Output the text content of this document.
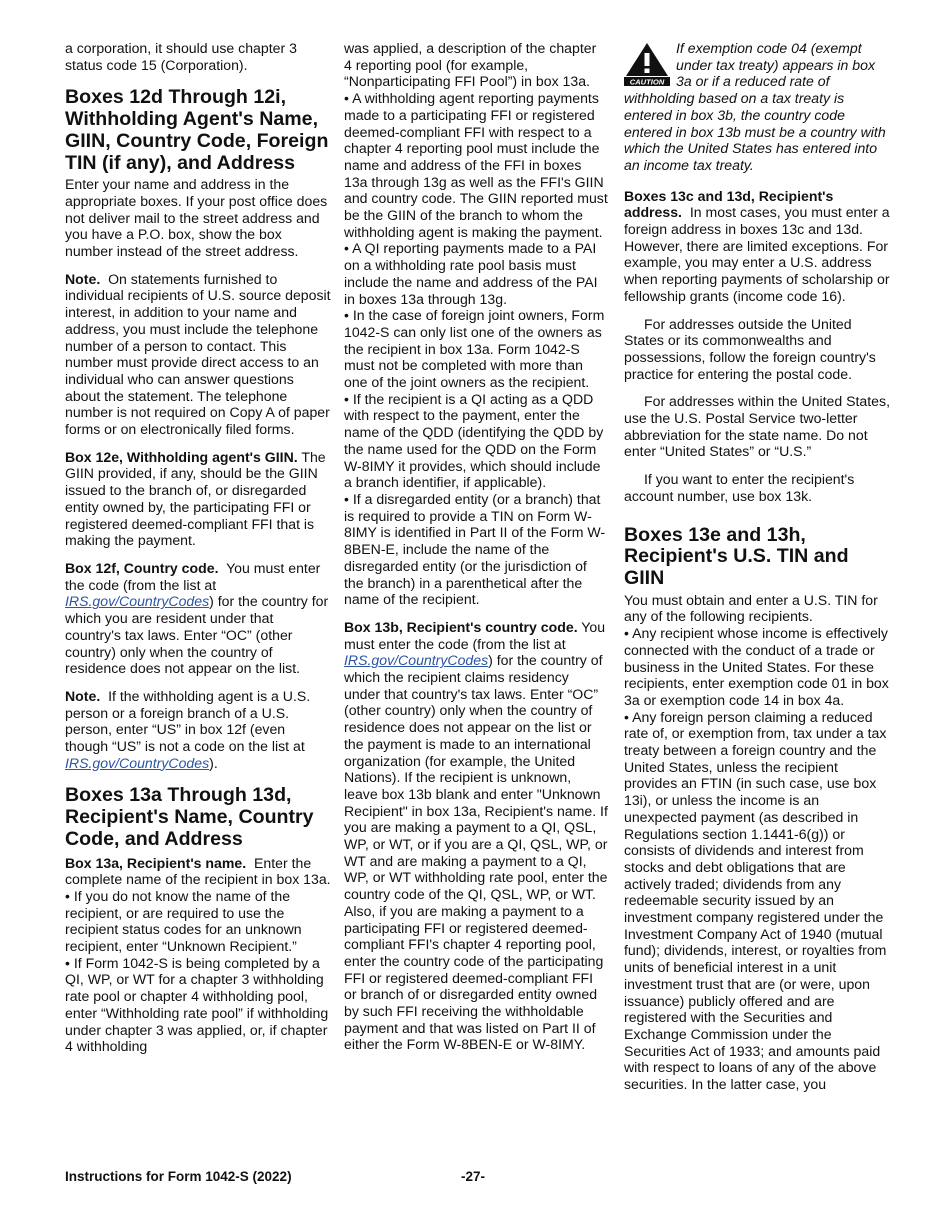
a corporation, it should use chapter 3 status code 15 (Corporation).

Boxes 12d Through 12i, Withholding Agent's Name, GIIN, Country Code, Foreign TIN (if any), and Address

Enter your name and address in the appropriate boxes. If your post office does not deliver mail to the street address and you have a P.O. box, show the box number instead of the street address.

Note. On statements furnished to individual recipients of U.S. source deposit interest, in addition to your name and address, you must include the telephone number of a person to contact. This number must provide direct access to an individual who can answer questions about the statement. The telephone number is not required on Copy A of paper forms or on electronically filed forms.

Box 12e, Withholding agent's GIIN. The GIIN provided, if any, should be the GIIN issued to the branch of, or disregarded entity owned by, the participating FFI or registered deemed-compliant FFI that is making the payment.

Box 12f, Country code. You must enter the code (from the list at IRS.gov/CountryCodes) for the country for which you are resident under that country's tax laws. Enter “OC” (other country) only when the country of residence does not appear on the list.

Note. If the withholding agent is a U.S. person or a foreign branch of a U.S. person, enter “US” in box 12f (even though “US” is not a code on the list at IRS.gov/CountryCodes).

Boxes 13a Through 13d, Recipient's Name, Country Code, and Address

Box 13a, Recipient's name. Enter the complete name of the recipient in box 13a.

• If you do not know the name of the recipient, or are required to use the recipient status codes for an unknown recipient, enter “Unknown Recipient.”

• If Form 1042-S is being completed by a QI, WP, or WT for a chapter 3 withholding rate pool or chapter 4 withholding pool, enter “Withholding rate pool” if withholding under chapter 3 was applied, or, if chapter 4 withholding

was applied, a description of the chapter 4 reporting pool (for example, “Nonparticipating FFI Pool”) in box 13a.

• A withholding agent reporting payments made to a participating FFI or registered deemed-compliant FFI with respect to a chapter 4 reporting pool must include the name and address of the FFI in boxes 13a through 13g as well as the FFI's GIIN and country code. The GIIN reported must be the GIIN of the branch to whom the withholding agent is making the payment.

• A QI reporting payments made to a PAI on a withholding rate pool basis must include the name and address of the PAI in boxes 13a through 13g.

• In the case of foreign joint owners, Form 1042-S can only list one of the owners as the recipient in box 13a. Form 1042-S must not be completed with more than one of the joint owners as the recipient.

• If the recipient is a QI acting as a QDD with respect to the payment, enter the name of the QDD (identifying the QDD by the name used for the QDD on the Form W-8IMY it provides, which should include a branch identifier, if applicable).

• If a disregarded entity (or a branch) that is required to provide a TIN on Form W-8IMY is identified in Part II of the Form W-8BEN-E, include the name of the disregarded entity (or the jurisdiction of the branch) in a parenthetical after the name of the recipient.

Box 13b, Recipient's country code. You must enter the code (from the list at IRS.gov/CountryCodes) for the country of which the recipient claims residency under that country's tax laws. Enter “OC” (other country) only when the country of residence does not appear on the list or the payment is made to an international organization (for example, the United Nations). If the recipient is unknown, leave box 13b blank and enter "Unknown Recipient" in box 13a, Recipient's name. If you are making a payment to a QI, QSL, WP, or WT, or if you are a QI, QSL, WP, or WT and are making a payment to a QI, WP, or WT withholding rate pool, enter the country code of the QI, QSL, WP, or WT. Also, if you are making a payment to a participating FFI or registered deemed-compliant FFI's chapter 4 reporting pool, enter the country code of the participating FFI or registered deemed-compliant FFI or branch of or disregarded entity owned by such FFI receiving the withholdable payment and that was listed on Part II of either the Form W-8BEN-E or W-8IMY.

CAUTION
If exemption code 04 (exempt under tax treaty) appears in box 3a or if a reduced rate of withholding based on a tax treaty is entered in box 3b, the country code entered in box 13b must be a country with which the United States has entered into an income tax treaty.

Boxes 13c and 13d, Recipient's address. In most cases, you must enter a foreign address in boxes 13c and 13d. However, there are limited exceptions. For example, you may enter a U.S. address when reporting payments of scholarship or fellowship grants (income code 16).

For addresses outside the United States or its commonwealths and possessions, follow the foreign country's practice for entering the postal code.

For addresses within the United States, use the U.S. Postal Service two-letter abbreviation for the state name. Do not enter “United States” or “U.S.”

If you want to enter the recipient's account number, use box 13k.

Boxes 13e and 13h, Recipient's U.S. TIN and GIIN

You must obtain and enter a U.S. TIN for any of the following recipients.

• Any recipient whose income is effectively connected with the conduct of a trade or business in the United States. For these recipients, enter exemption code 01 in box 3a or exemption code 14 in box 4a.

• Any foreign person claiming a reduced rate of, or exemption from, tax under a tax treaty between a foreign country and the United States, unless the recipient provides an FTIN (in such case, use box 13i), or unless the income is an unexpected payment (as described in Regulations section 1.1441-6(g)) or consists of dividends and interest from stocks and debt obligations that are actively traded; dividends from any redeemable security issued by an investment company registered under the Investment Company Act of 1940 (mutual fund); dividends, interest, or royalties from units of beneficial interest in a unit investment trust that are (or were, upon issuance) publicly offered and are registered with the Securities and Exchange Commission under the Securities Act of 1933; and amounts paid with respect to loans of any of the above securities. In the latter case, you

Instructions for Form 1042-S (2022)	-27-
